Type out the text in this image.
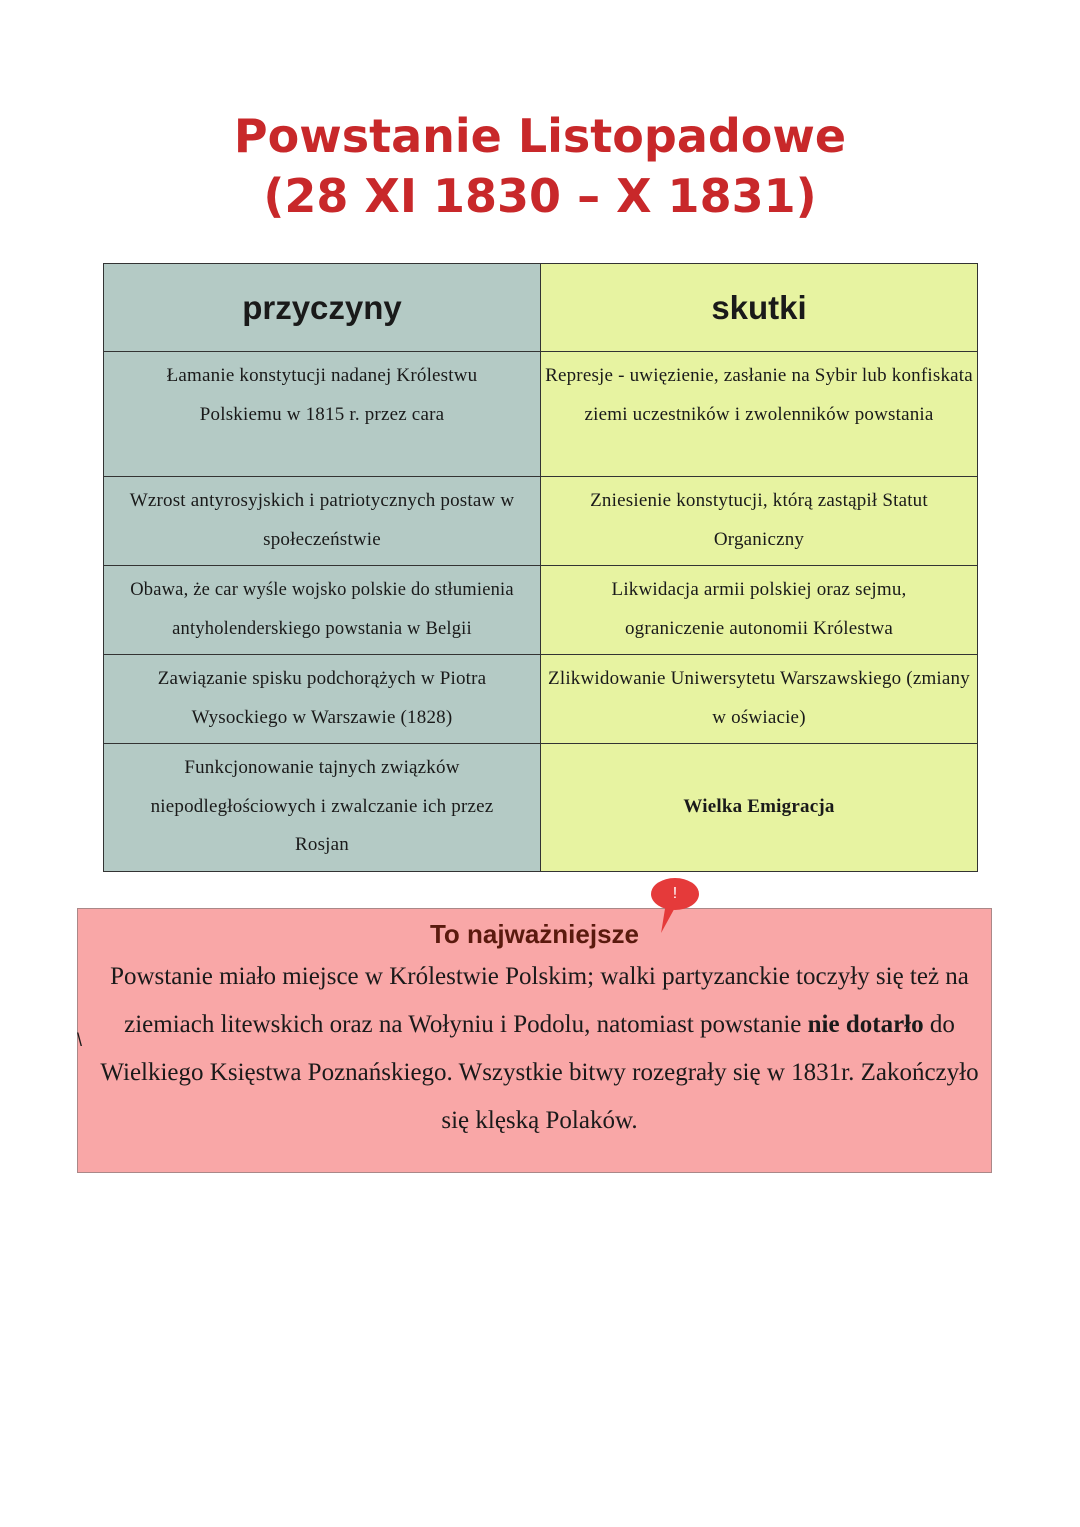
Powstanie Listopadowe
(28 XI 1830 – X 1831)
przyczyny	skutki
Łamanie konstytucji nadanej Królestwu Polskiemu w 1815 r. przez cara	Represje - uwięzienie, zasłanie na Sybir lub konfiskata ziemi uczestników i zwolenników powstania
Wzrost antyrosyjskich i patriotycznych postaw w społeczeństwie	Zniesienie konstytucji, którą zastąpił Statut Organiczny
Obawa, że car wyśle wojsko polskie do stłumienia antyholenderskiego powstania w Belgii	Likwidacja armii polskiej oraz sejmu, ograniczenie autonomii Królestwa
Zawiązanie spisku podchorążych w Piotra Wysockiego w Warszawie (1828)	Zlikwidowanie Uniwersytetu Warszawskiego (zmiany w oświacie)
Funkcjonowanie tajnych związków niepodległościowych i zwalczanie ich przez Rosjan	Wielka Emigracja
To najważniejsze

Powstanie miało miejsce w Królestwie Polskim; walki partyzanckie toczyły się też na ziemiach litewskich oraz na Wołyniu i Podolu, natomiast powstanie nie dotarło do Wielkiego Księstwa Poznańskiego. Wszystkie bitwy rozegrały się w 1831r. Zakończyło się klęską Polaków.

!
\
